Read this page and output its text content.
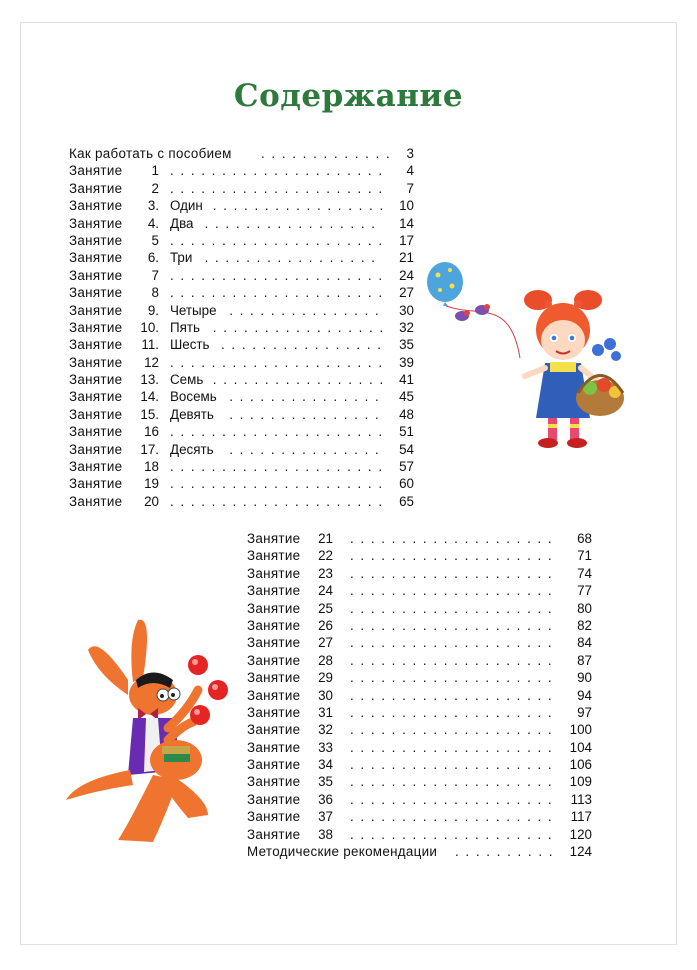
Содержание
Как работать с пособием	3
. . . . . . . . . . . . .
Занятие	1	4
. . . . . . . . . . . . . . . . . . . . .
Занятие	2	7
. . . . . . . . . . . . . . . . . . . . .
Занятие	3. Один	10
. . . . . . . . . . . . . . . . .
Занятие	4. Два	14
. . . . . . . . . . . . . . . . .
Занятие	5	17
. . . . . . . . . . . . . . . . . . . . .
Занятие	6. Три	21
. . . . . . . . . . . . . . . . .
Занятие	7	24
. . . . . . . . . . . . . . . . . . . . .
Занятие	8	27
. . . . . . . . . . . . . . . . . . . . .
Занятие	9. Четыре	30
. . . . . . . . . . . . . . .
Занятие	10. Пять	32
. . . . . . . . . . . . . . . . .
Занятие	11. Шесть	35
. . . . . . . . . . . . . . . .
Занятие	12	39
. . . . . . . . . . . . . . . . . . . . .
Занятие	13. Семь	41
. . . . . . . . . . . . . . . . .
Занятие	14. Восемь	45
. . . . . . . . . . . . . . .
Занятие	15. Девять	48
. . . . . . . . . . . . . . .
Занятие	16	51
. . . . . . . . . . . . . . . . . . . . .
Занятие	17. Десять	54
. . . . . . . . . . . . . . .
Занятие	18	57
. . . . . . . . . . . . . . . . . . . . .
Занятие	19	60
. . . . . . . . . . . . . . . . . . . . .
Занятие	20	65
. . . . . . . . . . . . . . . . . . . . .
Занятие	21	68
. . . . . . . . . . . . . . . . . . . .
Занятие	22	71
. . . . . . . . . . . . . . . . . . . .
Занятие	23	74
. . . . . . . . . . . . . . . . . . . .
Занятие	24	77
. . . . . . . . . . . . . . . . . . . .
Занятие	25	80
. . . . . . . . . . . . . . . . . . . .
Занятие	26	82
. . . . . . . . . . . . . . . . . . . .
Занятие	27	84
. . . . . . . . . . . . . . . . . . . .
Занятие	28	87
. . . . . . . . . . . . . . . . . . . .
Занятие	29	90
. . . . . . . . . . . . . . . . . . . .
Занятие	30	94
. . . . . . . . . . . . . . . . . . . .
Занятие	31	97
. . . . . . . . . . . . . . . . . . . .
Занятие	32	100
. . . . . . . . . . . . . . . . . . . .
Занятие	33	104
. . . . . . . . . . . . . . . . . . . .
Занятие	34	106
. . . . . . . . . . . . . . . . . . . .
Занятие	35	109
. . . . . . . . . . . . . . . . . . . .
Занятие	36	113
. . . . . . . . . . . . . . . . . . . .
Занятие	37	117
. . . . . . . . . . . . . . . . . . . .
Занятие	38	120
. . . . . . . . . . . . . . . . . . . .
Методические рекомендации	124
. . . . . . . . . .
